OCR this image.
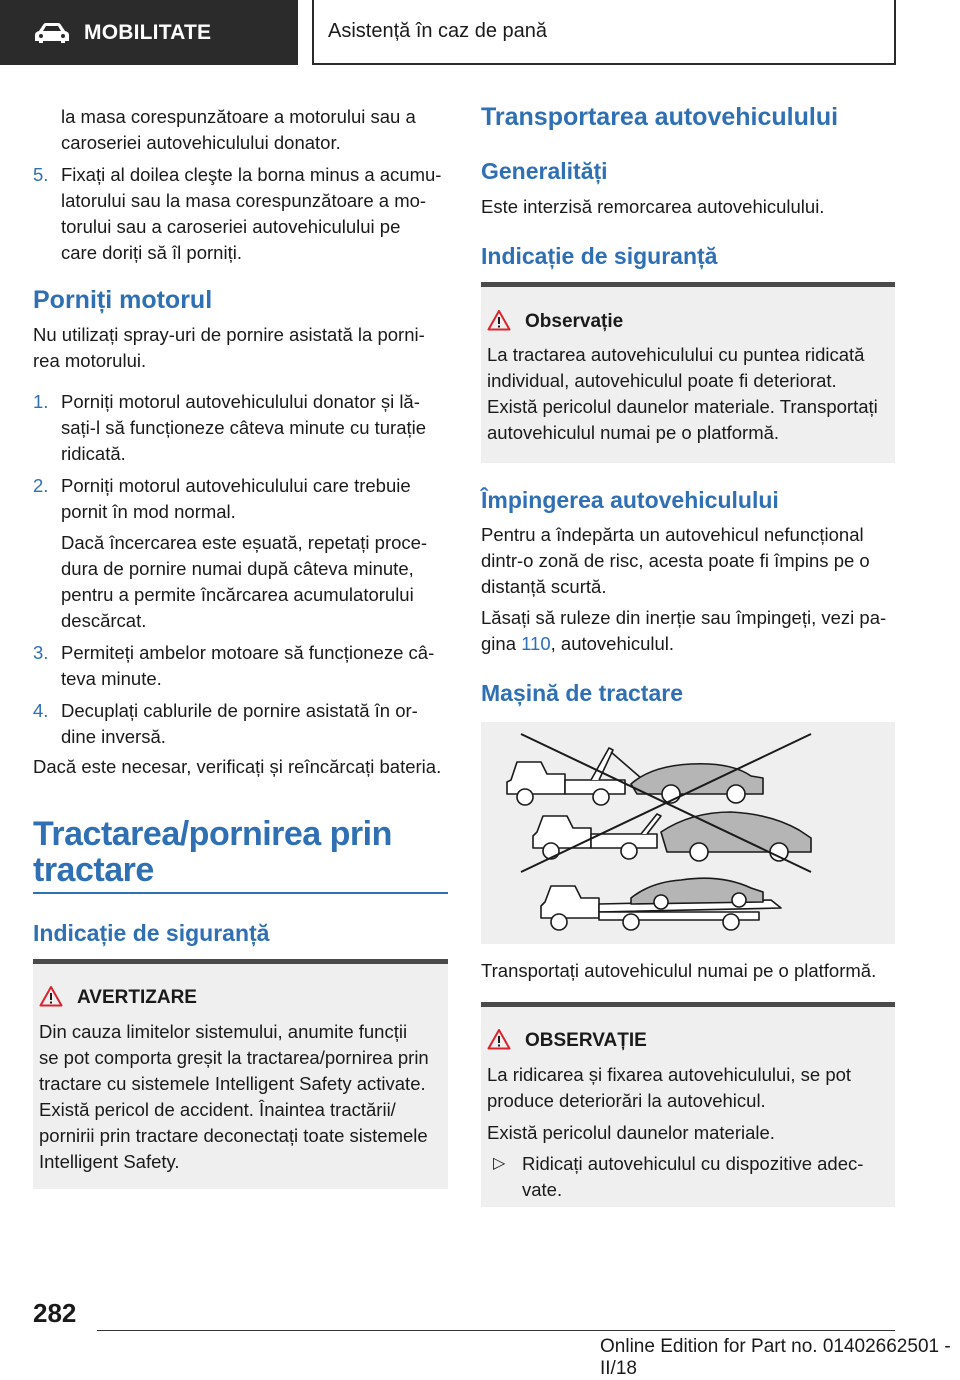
MOBILITATE	Asistență în caz de pană
la masa corespunzătoare a motorului sau a
caroseriei autovehiculului donator.
5. Fixați al doilea cleşte la borna minus a acumu-
latorului sau la masa corespunzătoare a mo-
torului sau a caroseriei autovehiculului pe
care doriți să îl porniți.
Porniți motorul
Nu utilizați spray-uri de pornire asistată la porni-
rea motorului.
1. Porniți motorul autovehiculului donator și lă-
sați-l să funcționeze câteva minute cu turație
ridicată.
2. Porniți motorul autovehiculului care trebuie
pornit în mod normal.
Dacă încercarea este eșuată, repetați proce-
dura de pornire numai după câteva minute,
pentru a permite încărcarea acumulatorului
descărcat.
3. Permiteți ambelor motoare să funcționeze câ-
teva minute.
4. Decuplați cablurile de pornire asistată în or-
dine inversă.
Dacă este necesar, verificați și reîncărcați bateria.
Tractarea/pornirea prin
tractare
Indicație de siguranță
AVERTIZARE
Din cauza limitelor sistemului, anumite funcții
se pot comporta greșit la tractarea/pornirea prin
tractare cu sistemele Intelligent Safety activate.
Există pericol de accident. Înaintea tractării/
pornirii prin tractare deconectați toate sistemele
Intelligent Safety.
Transportarea autovehiculului
Generalități
Este interzisă remorcarea autovehiculului.
Indicație de siguranță
Observație
La tractarea autovehiculului cu puntea ridicată
individual, autovehiculul poate fi deteriorat.
Există pericolul daunelor materiale. Transportați
autovehiculul numai pe o platformă.
Împingerea autovehiculului
Pentru a îndepărta un autovehicul nefuncțional
dintr-o zonă de risc, acesta poate fi împins pe o
distanță scurtă.
Lăsați să ruleze din inerție sau împingeți, vezi pa-
gina 110, autovehiculul.
Mașină de tractare
Transportați autovehiculul numai pe o platformă.
OBSERVAȚIE
La ridicarea și fixarea autovehiculului, se pot
produce deteriorări la autovehicul.
Există pericolul daunelor materiale.
▷ Ridicați autovehiculul cu dispozitive adec-
vate.
282
Online Edition for Part no. 01402662501 - II/18
